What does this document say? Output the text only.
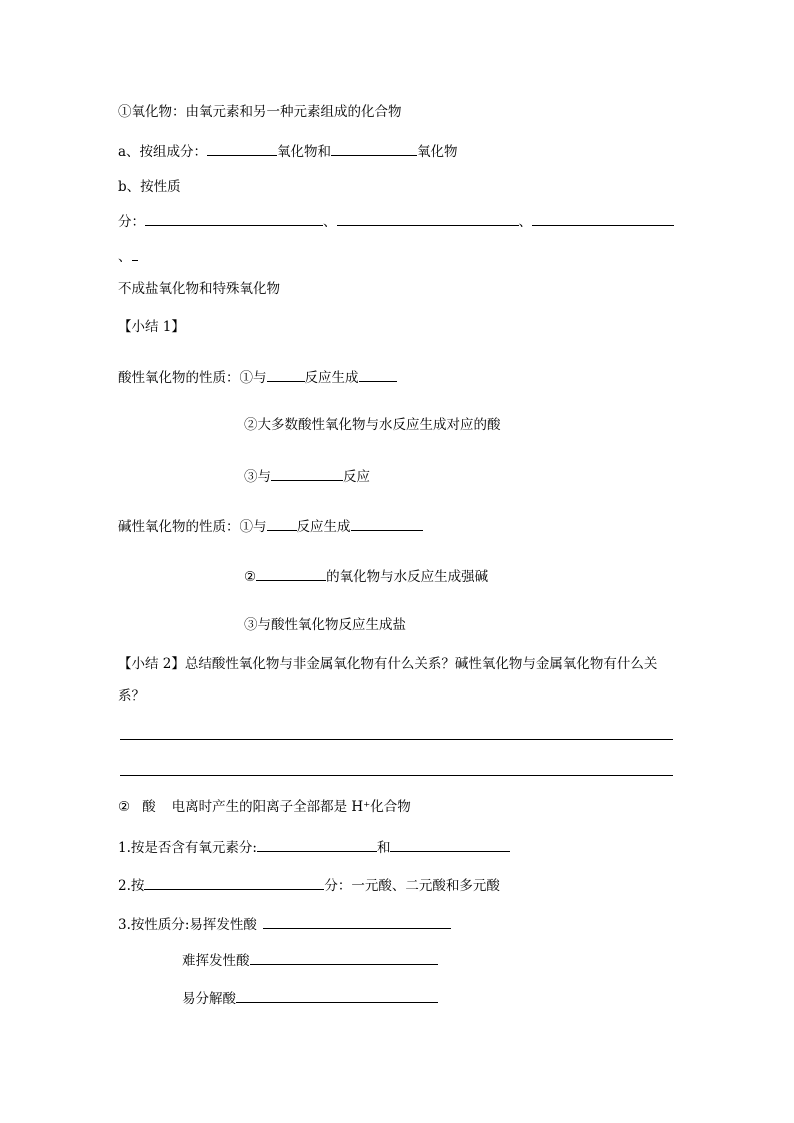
①氧化物：由氧元素和另一种元素组成的化合物
a、按组成分：	氧化物和	氧化物
b、按性质
分：	、	、
、
不成盐氧化物和特殊氧化物
【小结 1】
酸性氧化物的性质：①与	反应生成
②大多数酸性氧化物与水反应生成对应的酸
③与	反应
碱性氧化物的性质：①与 反应生成
②	的氧化物与水反应生成强碱
③与酸性氧化物反应生成盐
【小结 2】总结酸性氧化物与非金属氧化物有什么关系？碱性氧化物与金属氧化物有什么关
系？
② 酸 电离时产生的阳离子全部都是 H⁺化合物
1.按是否含有氧元素分:	和
2.按	分：一元酸、二元酸和多元酸
3.按性质分:易挥发性酸
难挥发性酸
易分解酸
